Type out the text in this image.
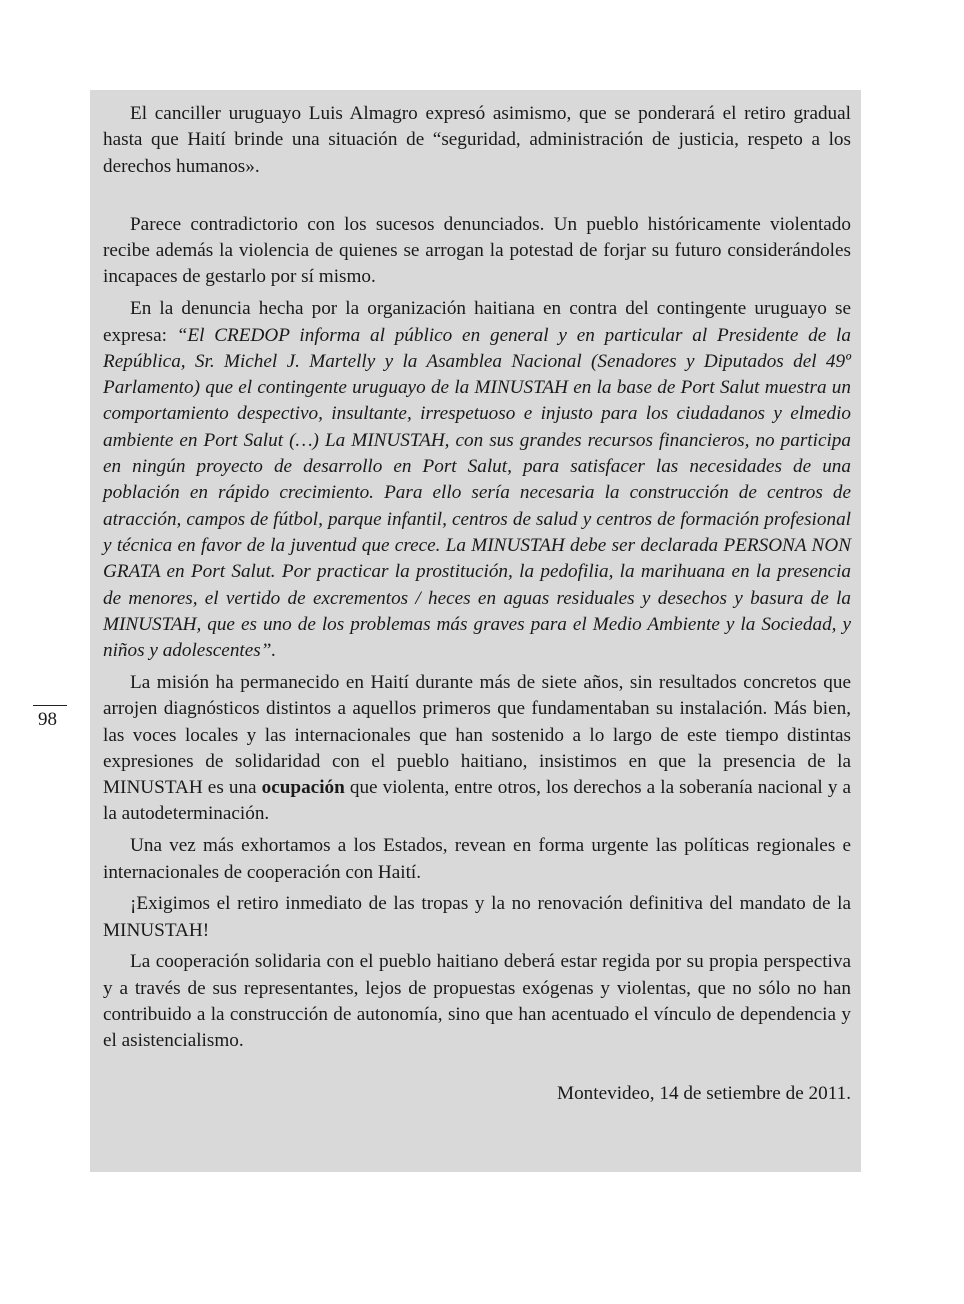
El canciller uruguayo Luis Almagro expresó asimismo, que se ponderará el retiro gradual hasta que Haití brinde una situación de “seguridad, administración de justicia, respeto a los derechos humanos».

Parece contradictorio con los sucesos denunciados. Un pueblo históricamente violentado recibe además la violencia de quienes se arrogan la potestad de forjar su futuro considerándoles incapaces de gestarlo por sí mismo.

En la denuncia hecha por la organización haitiana en contra del contingente uruguayo se expresa: “El CREDOP informa al público en general y en particular al Presidente de la República, Sr. Michel J. Martelly y la Asamblea Nacional (Senadores y Diputados del 49º Parlamento) que el contingente uruguayo de la MINUSTAH en la base de Port Salut muestra un comportamiento despectivo, insultante, irrespetuoso e injusto para los ciudadanos y elmedio ambiente en Port Salut (…) La MINUSTAH, con sus grandes recursos financieros, no participa en ningún proyecto de desarrollo en Port Salut, para satisfacer las necesidades de una población en rápido crecimiento. Para ello sería necesaria la construcción de centros de atracción, campos de fútbol, parque infantil, centros de salud y centros de formación profesional y técnica en favor de la juventud que crece. La MINUSTAH debe ser declarada PERSONA NON GRATA en Port Salut. Por practicar la prostitución, la pedofilia, la marihuana en la presencia de menores, el vertido de excrementos / heces en aguas residuales y desechos y basura de la MINUSTAH, que es uno de los problemas más graves para el Medio Ambiente y la Sociedad, y niños y adolescentes”.

La misión ha permanecido en Haití durante más de siete años, sin resultados concretos que arrojen diagnósticos distintos a aquellos primeros que fundamentaban su instalación. Más bien, las voces locales y las internacionales que han sostenido a lo largo de este tiempo distintas expresiones de solidaridad con el pueblo haitiano, insistimos en que la presencia de la MINUSTAH es una ocupación que violenta, entre otros, los derechos a la soberanía nacional y a la autodeterminación.

Una vez más exhortamos a los Estados, revean en forma urgente las políticas regionales e internacionales de cooperación con Haití.

¡Exigimos el retiro inmediato de las tropas y la no renovación definitiva del mandato de la MINUSTAH!

La cooperación solidaria con el pueblo haitiano deberá estar regida por su propia perspectiva y a través de sus representantes, lejos de propuestas exógenas y violentas, que no sólo no han contribuido a la construcción de autonomía, sino que han acentuado el vínculo de dependencia y el asistencialismo.

Montevideo, 14 de setiembre de 2011.

98
